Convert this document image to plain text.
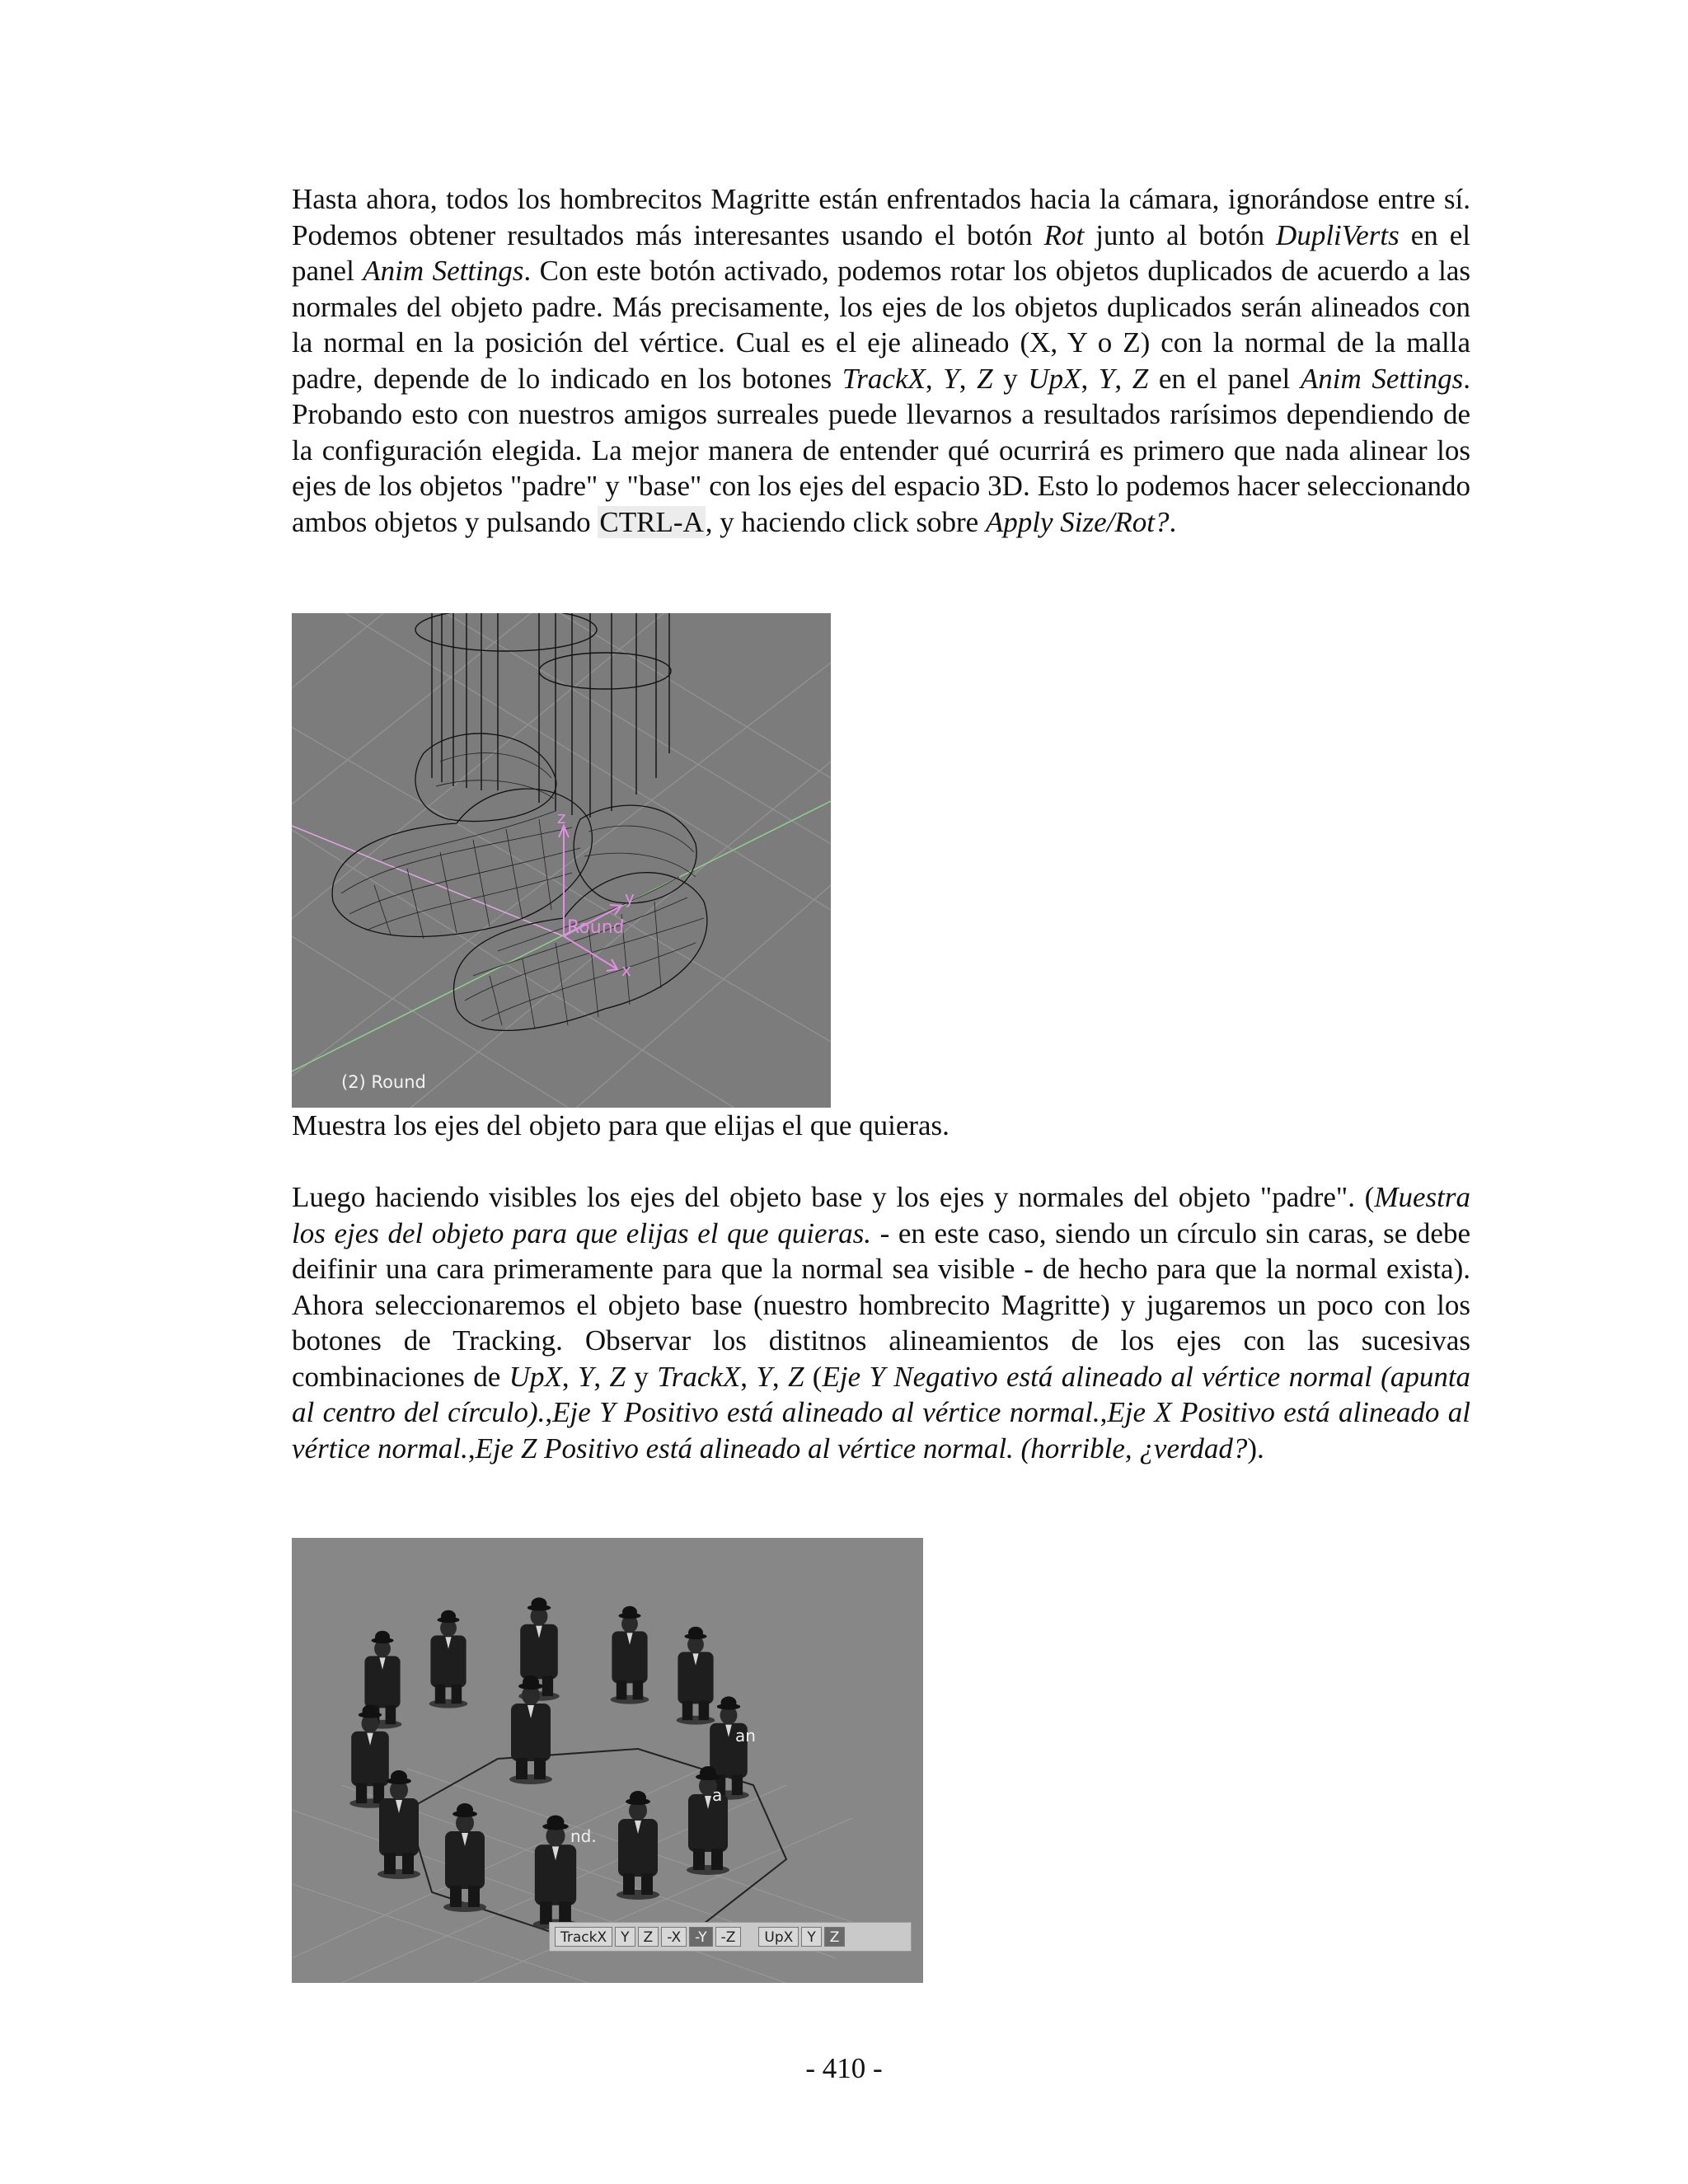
Hasta ahora, todos los hombrecitos Magritte están enfrentados hacia la cámara, ignorándose entre sí. Podemos obtener resultados más interesantes usando el botón Rot junto al botón DupliVerts en el panel Anim Settings. Con este botón activado, podemos rotar los objetos duplicados de acuerdo a las normales del objeto padre. Más precisamente, los ejes de los objetos duplicados serán alineados con la normal en la posición del vértice. Cual es el eje alineado (X, Y o Z) con la normal de la malla padre, depende de lo indicado en los botones TrackX, Y, Z y UpX, Y, Z en el panel Anim Settings. Probando esto con nuestros amigos surreales puede llevarnos a resultados rarísimos dependiendo de la configuración elegida. La mejor manera de entender qué ocurrirá es primero que nada alinear los ejes de los objetos "padre" y "base" con los ejes del espacio 3D. Esto lo podemos hacer seleccionando ambos objetos y pulsando CTRL-A, y haciendo click sobre Apply Size/Rot?.

z
y
x
Round
(2) Round
Muestra los ejes del objeto para que elijas el que quieras.

Luego haciendo visibles los ejes del objeto base y los ejes y normales del objeto "padre". (Muestra los ejes del objeto para que elijas el que quieras. - en este caso, siendo un círculo sin caras, se debe deifinir una cara primeramente para que la normal sea visible - de hecho para que la normal exista). Ahora seleccionaremos el objeto base (nuestro hombrecito Magritte) y jugaremos un poco con los botones de Tracking. Observar los distitnos alineamientos de los ejes con las sucesivas combinaciones de UpX, Y, Z y TrackX, Y, Z (Eje Y Negativo está alineado al vértice normal (apunta al centro del círculo).,Eje Y Positivo está alineado al vértice normal.,Eje X Positivo está alineado al vértice normal.,Eje Z Positivo está alineado al vértice normal. (horrible, ¿verdad?).

an
nd.
a
TrackX	Y	Z	-X	-Y	-Z	UpX	Y	Z
- 410 -
